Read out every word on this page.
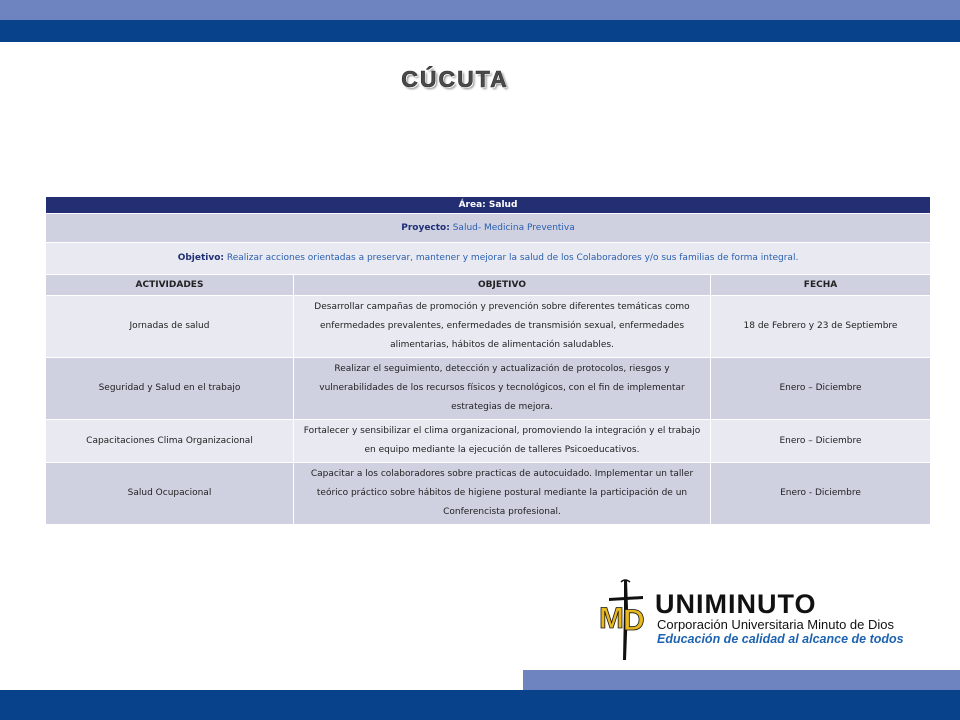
CÚCUTA
Área: Salud		
Proyecto: Salud- Medicina Preventiva		
Objetivo: Realizar acciones orientadas a preservar, mantener y mejorar la salud de los Colaboradores y/o sus familias de forma integral.		
ACTIVIDADES	OBJETIVO	FECHA
Jornadas de salud	Desarrollar campañas de promoción y prevención sobre diferentes temáticas como enfermedades prevalentes, enfermedades de transmisión sexual, enfermedades alimentarias, hábitos de alimentación saludables.	18 de Febrero y 23 de Septiembre
Seguridad y Salud en el trabajo	Realizar el seguimiento, detección y actualización de protocolos, riesgos y vulnerabilidades de los recursos físicos y tecnológicos, con el fin de implementar estrategias de mejora.	Enero – Diciembre
Capacitaciones Clima Organizacional	Fortalecer y sensibilizar el clima organizacional, promoviendo la integración y el trabajo en equipo mediante la ejecución de talleres Psicoeducativos.	Enero – Diciembre
Salud Ocupacional	Capacitar a los colaboradores sobre practicas de autocuidado. Implementar un taller teórico práctico sobre hábitos de higiene postural mediante la participación de un Conferencista profesional.	Enero - Diciembre
M D UNIMINUTO
Corporación Universitaria Minuto de Dios
Educación de calidad al alcance de todos
